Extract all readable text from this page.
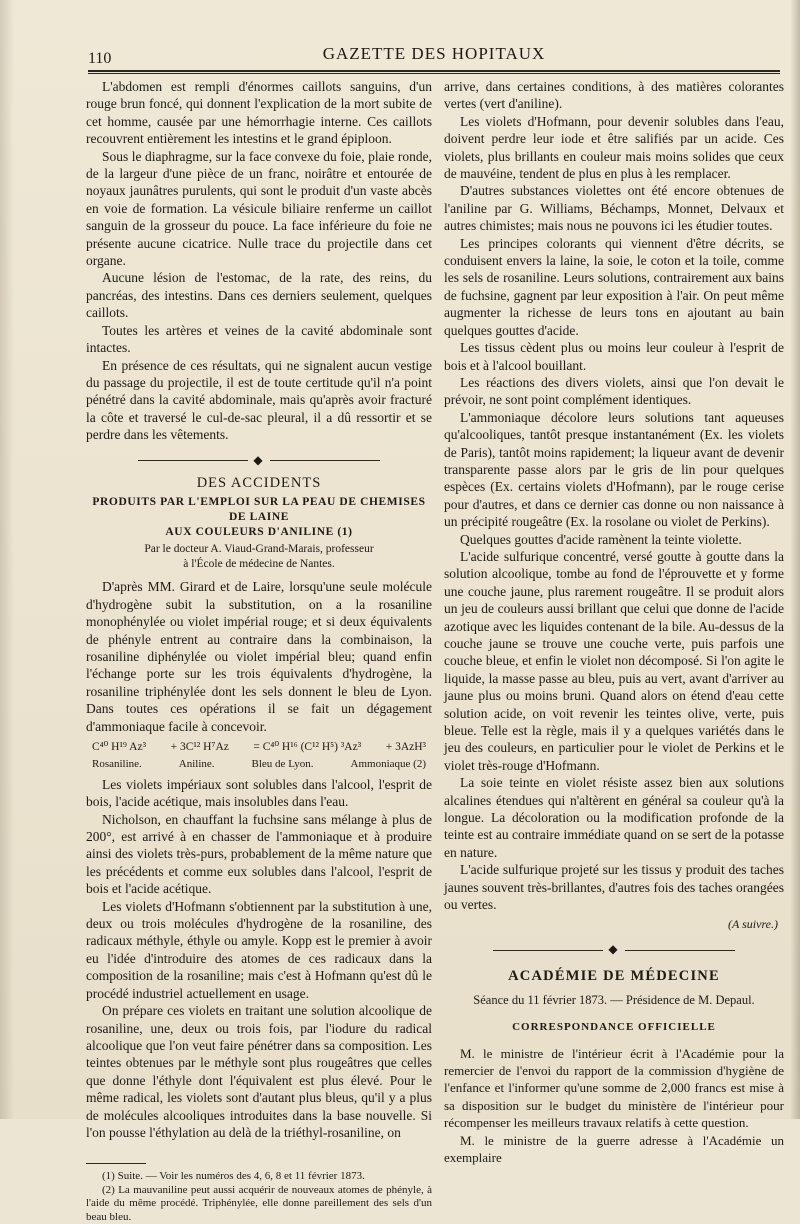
110	GAZETTE DES HOPITAUX

L'abdomen est rempli d'énormes caillots sanguins, d'un rouge brun foncé, qui donnent l'explication de la mort subite de cet homme, causée par une hémorrhagie interne. Ces caillots recouvrent entièrement les intestins et le grand épiploon.

Sous le diaphragme, sur la face convexe du foie, plaie ronde, de la largeur d'une pièce de un franc, noirâtre et entourée de noyaux jaunâtres purulents, qui sont le produit d'un vaste abcès en voie de formation. La vésicule biliaire renferme un caillot sanguin de la grosseur du pouce. La face inférieure du foie ne présente aucune cicatrice. Nulle trace du projectile dans cet organe.

Aucune lésion de l'estomac, de la rate, des reins, du pancréas, des intestins. Dans ces derniers seulement, quelques caillots.

Toutes les artères et veines de la cavité abdominale sont intactes.

En présence de ces résultats, qui ne signalent aucun vestige du passage du projectile, il est de toute certitude qu'il n'a point pénétré dans la cavité abdominale, mais qu'après avoir fracturé la côte et traversé le cul-de-sac pleural, il a dû ressortir et se perdre dans les vêtements.

◆
DES ACCIDENTS
PRODUITS PAR L'EMPLOI SUR LA PEAU DE CHEMISES DE LAINE
AUX COULEURS D'ANILINE (1)
Par le docteur A. Viaud-Grand-Marais, professeur
à l'École de médecine de Nantes.

D'après MM. Girard et de Laire, lorsqu'une seule molécule d'hydrogène subit la substitution, on a la rosaniline monophénylée ou violet impérial rouge; et si deux équivalents de phényle entrent au contraire dans la combinaison, la rosaniline diphénylée ou violet impérial bleu; quand enfin l'échange porte sur les trois équivalents d'hydrogène, la rosaniline triphénylée dont les sels donnent le bleu de Lyon. Dans toutes ces opérations il se fait un dégagement d'ammoniaque facile à concevoir.

C⁴⁰ H¹⁹ Az³ + 3C¹² H⁷Az = C⁴⁰ H¹⁶ (C¹² H⁵) ³Az³ + 3AzH³
Rosaniline.	Aniline.	Bleu de Lyon.	Ammoniaque (2)

Les violets impériaux sont solubles dans l'alcool, l'esprit de bois, l'acide acétique, mais insolubles dans l'eau.

Nicholson, en chauffant la fuchsine sans mélange à plus de 200°, est arrivé à en chasser de l'ammoniaque et à produire ainsi des violets très-purs, probablement de la même nature que les précédents et comme eux solubles dans l'alcool, l'esprit de bois et l'acide acétique.

Les violets d'Hofmann s'obtiennent par la substitution à une, deux ou trois molécules d'hydrogène de la rosaniline, des radicaux méthyle, éthyle ou amyle. Kopp est le premier à avoir eu l'idée d'introduire des atomes de ces radicaux dans la composition de la rosaniline; mais c'est à Hofmann qu'est dû le procédé industriel actuellement en usage.

On prépare ces violets en traitant une solution alcoolique de rosaniline, une, deux ou trois fois, par l'iodure du radical alcoolique que l'on veut faire pénétrer dans sa composition. Les teintes obtenues par le méthyle sont plus rougeâtres que celles que donne l'éthyle dont l'équivalent est plus élevé. Pour le même radical, les violets sont d'autant plus bleus, qu'il y a plus de molécules alcooliques introduites dans la base nouvelle. Si l'on pousse l'éthylation au delà de la triéthyl-rosaniline, on

(1) Suite. — Voir les numéros des 4, 6, 8 et 11 février 1873.

(2) La mauvaniline peut aussi acquérir de nouveaux atomes de phényle, à l'aide du même procédé. Triphénylée, elle donne pareillement des sels d'un beau bleu.

arrive, dans certaines conditions, à des matières colorantes vertes (vert d'aniline).

Les violets d'Hofmann, pour devenir solubles dans l'eau, doivent perdre leur iode et être salifiés par un acide. Ces violets, plus brillants en couleur mais moins solides que ceux de mauvéine, tendent de plus en plus à les remplacer.

D'autres substances violettes ont été encore obtenues de l'aniline par G. Williams, Béchamps, Monnet, Delvaux et autres chimistes; mais nous ne pouvons ici les étudier toutes.

Les principes colorants qui viennent d'être décrits, se conduisent envers la laine, la soie, le coton et la toile, comme les sels de rosaniline. Leurs solutions, contrairement aux bains de fuchsine, gagnent par leur exposition à l'air. On peut même augmenter la richesse de leurs tons en ajoutant au bain quelques gouttes d'acide.

Les tissus cèdent plus ou moins leur couleur à l'esprit de bois et à l'alcool bouillant.

Les réactions des divers violets, ainsi que l'on devait le prévoir, ne sont point complément identiques.

L'ammoniaque décolore leurs solutions tant aqueuses qu'alcooliques, tantôt presque instantanément (Ex. les violets de Paris), tantôt moins rapidement; la liqueur avant de devenir transparente passe alors par le gris de lin pour quelques espèces (Ex. certains violets d'Hofmann), par le rouge cerise pour d'autres, et dans ce dernier cas donne ou non naissance à un précipité rougeâtre (Ex. la rosolane ou violet de Perkins).

Quelques gouttes d'acide ramènent la teinte violette.

L'acide sulfurique concentré, versé goutte à goutte dans la solution alcoolique, tombe au fond de l'éprouvette et y forme une couche jaune, plus rarement rougeâtre. Il se produit alors un jeu de couleurs aussi brillant que celui que donne de l'acide azotique avec les liquides contenant de la bile. Au-dessus de la couche jaune se trouve une couche verte, puis parfois une couche bleue, et enfin le violet non décomposé. Si l'on agite le liquide, la masse passe au bleu, puis au vert, avant d'arriver au jaune plus ou moins bruni. Quand alors on étend d'eau cette solution acide, on voit revenir les teintes olive, verte, puis bleue. Telle est la règle, mais il y a quelques variétés dans le jeu des couleurs, en particulier pour le violet de Perkins et le violet très-rouge d'Hofmann.

La soie teinte en violet résiste assez bien aux solutions alcalines étendues qui n'altèrent en général sa couleur qu'à la longue. La décoloration ou la modification profonde de la teinte est au contraire immédiate quand on se sert de la potasse en nature.

L'acide sulfurique projeté sur les tissus y produit des taches jaunes souvent très-brillantes, d'autres fois des taches orangées ou vertes.

(A suivre.)
◆
ACADÉMIE DE MÉDECINE
Séance du 11 février 1873. — Présidence de M. Depaul.
CORRESPONDANCE OFFICIELLE

M. le ministre de l'intérieur écrit à l'Académie pour la remercier de l'envoi du rapport de la commission d'hygiène de l'enfance et l'informer qu'une somme de 2,000 francs est mise à sa disposition sur le budget du ministère de l'intérieur pour récompenser les meilleurs travaux relatifs à cette question.

M. le ministre de la guerre adresse à l'Académie un exemplaire
